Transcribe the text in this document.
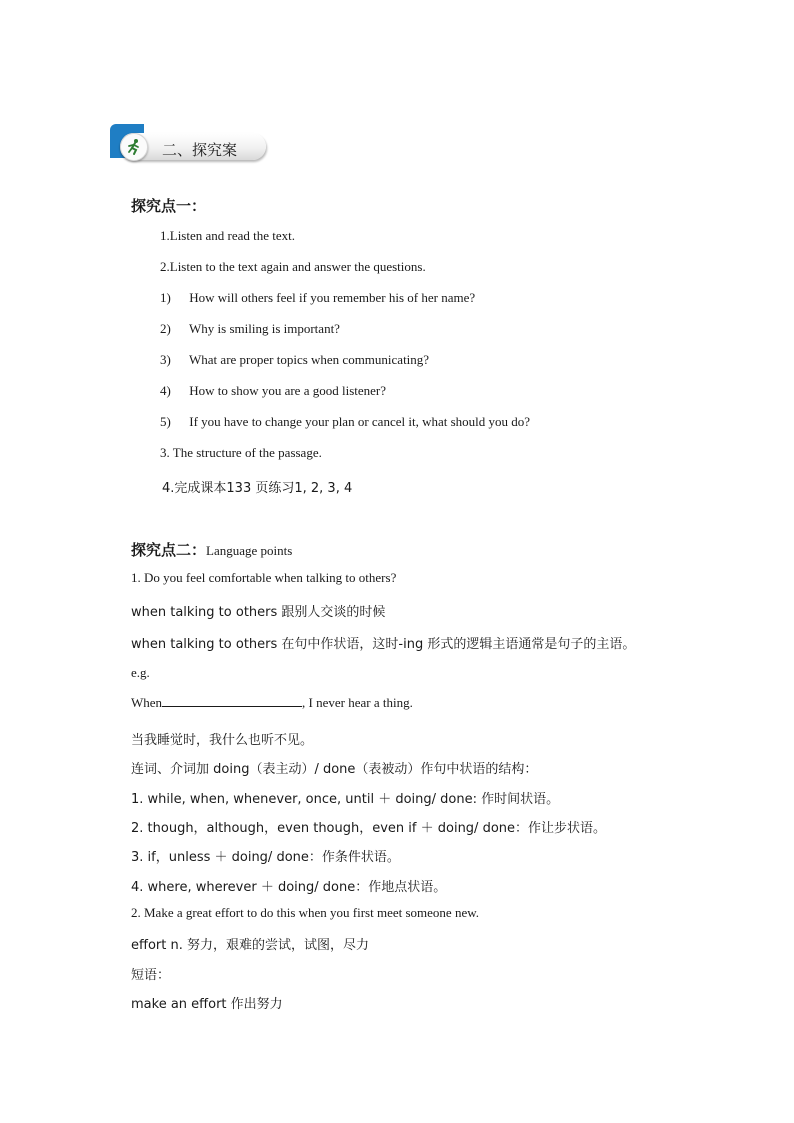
二、探究案
探究点一：
1.Listen and read the text.
2.Listen to the text again and answer the questions.
1) How will others feel if you remember his of her name?
2) Why is smiling is important?
3) What are proper topics when communicating?
4) How to show you are a good listener?
5) If you have to change your plan or cancel it, what should you do?
3. The structure of the passage.
4.完成课本133 页练习1, 2, 3, 4
探究点二：Language points
1. Do you feel comfortable when talking to others?
when talking to others 跟别人交谈的时候
when talking to others 在句中作状语，这时-ing 形式的逻辑主语通常是句子的主语。
e.g.
When	, I never hear a thing.
当我睡觉时，我什么也听不见。
连词、介词加 doing（表主动）/ done（表被动）作句中状语的结构：
1. while, when, whenever, once, until ＋ doing/ done: 作时间状语。
2. though，although，even though，even if ＋ doing/ done：作让步状语。
3. if，unless ＋ doing/ done：作条件状语。
4. where, wherever ＋ doing/ done：作地点状语。
2. Make a great effort to do this when you first meet someone new.
effort n. 努力，艰难的尝试，试图，尽力
短语：
make an effort 作出努力
